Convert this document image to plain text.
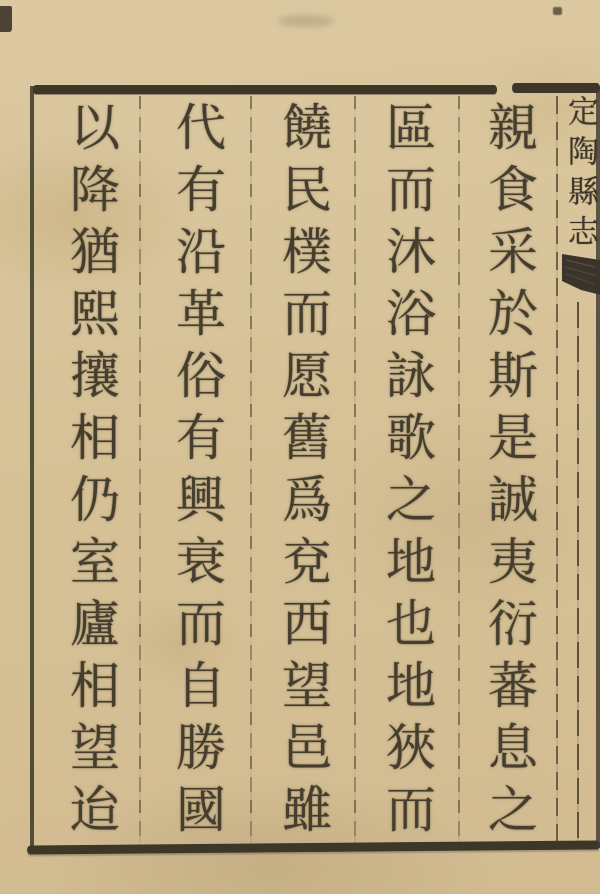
定陶縣志
親食采於斯是誠夷衍蕃息之
區而沐浴詠歌之地也地狹而
饒民樸而愿舊爲兗西望邑雖
代有沿革俗有興衰而自勝國
以降猶熙攘相仍室廬相望迨
